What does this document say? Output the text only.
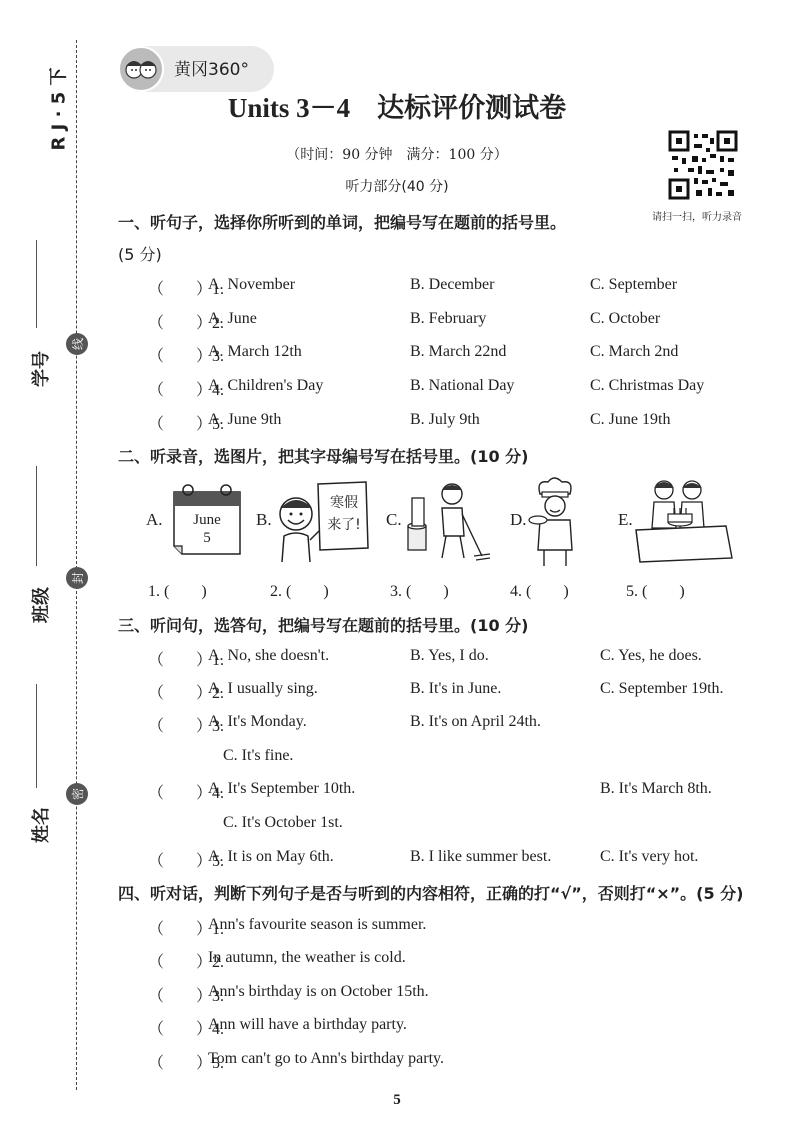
R J · 5 下
学号
班级
姓名
线
封
密
黄冈360°
Units 3－4　达标评价测试卷
（时间：90 分钟　满分：100 分）
听力部分(40 分)
请扫一扫，听力录音
一、听句子，选择你所听到的单词，把编号写在题前的括号里。
(5 分)
（　　）1.
A. November	B. December	C. September
（　　）2.
A. June	B. February	C. October
（　　）3.
A. March 12th	B. March 22nd	C. March 2nd
（　　）4.
A. Children's Day	B. National Day	C. Christmas Day
（　　）5.
A. June 9th	B. July 9th	C. June 19th
二、听录音，选图片，把其字母编号写在括号里。(10 分)
A.	June
5
B.
寒假
来了!	C.	D.	E.
1. (　　)	2. (　　)	3. (　　)	4. (　　)	5. (　　)
三、听问句，选答句，把编号写在题前的括号里。(10 分)
（　　）1.
A. No, she doesn't.	B. Yes, I do.	C. Yes, he does.
（　　）2.
A. I usually sing.	B. It's in June.	C. September 19th.
（　　）3.
A. It's Monday.	B. It's on April 24th.
C. It's fine.
（　　）4.
A. It's September 10th.	B. It's March 8th.
C. It's October 1st.
（　　）5.
A. It is on May 6th.	B. I like summer best.	C. It's very hot.
四、听对话，判断下列句子是否与听到的内容相符，正确的打“√”，否则打“×”。(5 分)
（　　）1.
Ann's favourite season is summer.
（　　）2.
In autumn, the weather is cold.
（　　）3.
Ann's birthday is on October 15th.
（　　）4.
Ann will have a birthday party.
（　　）5.
Tom can't go to Ann's birthday party.
5
